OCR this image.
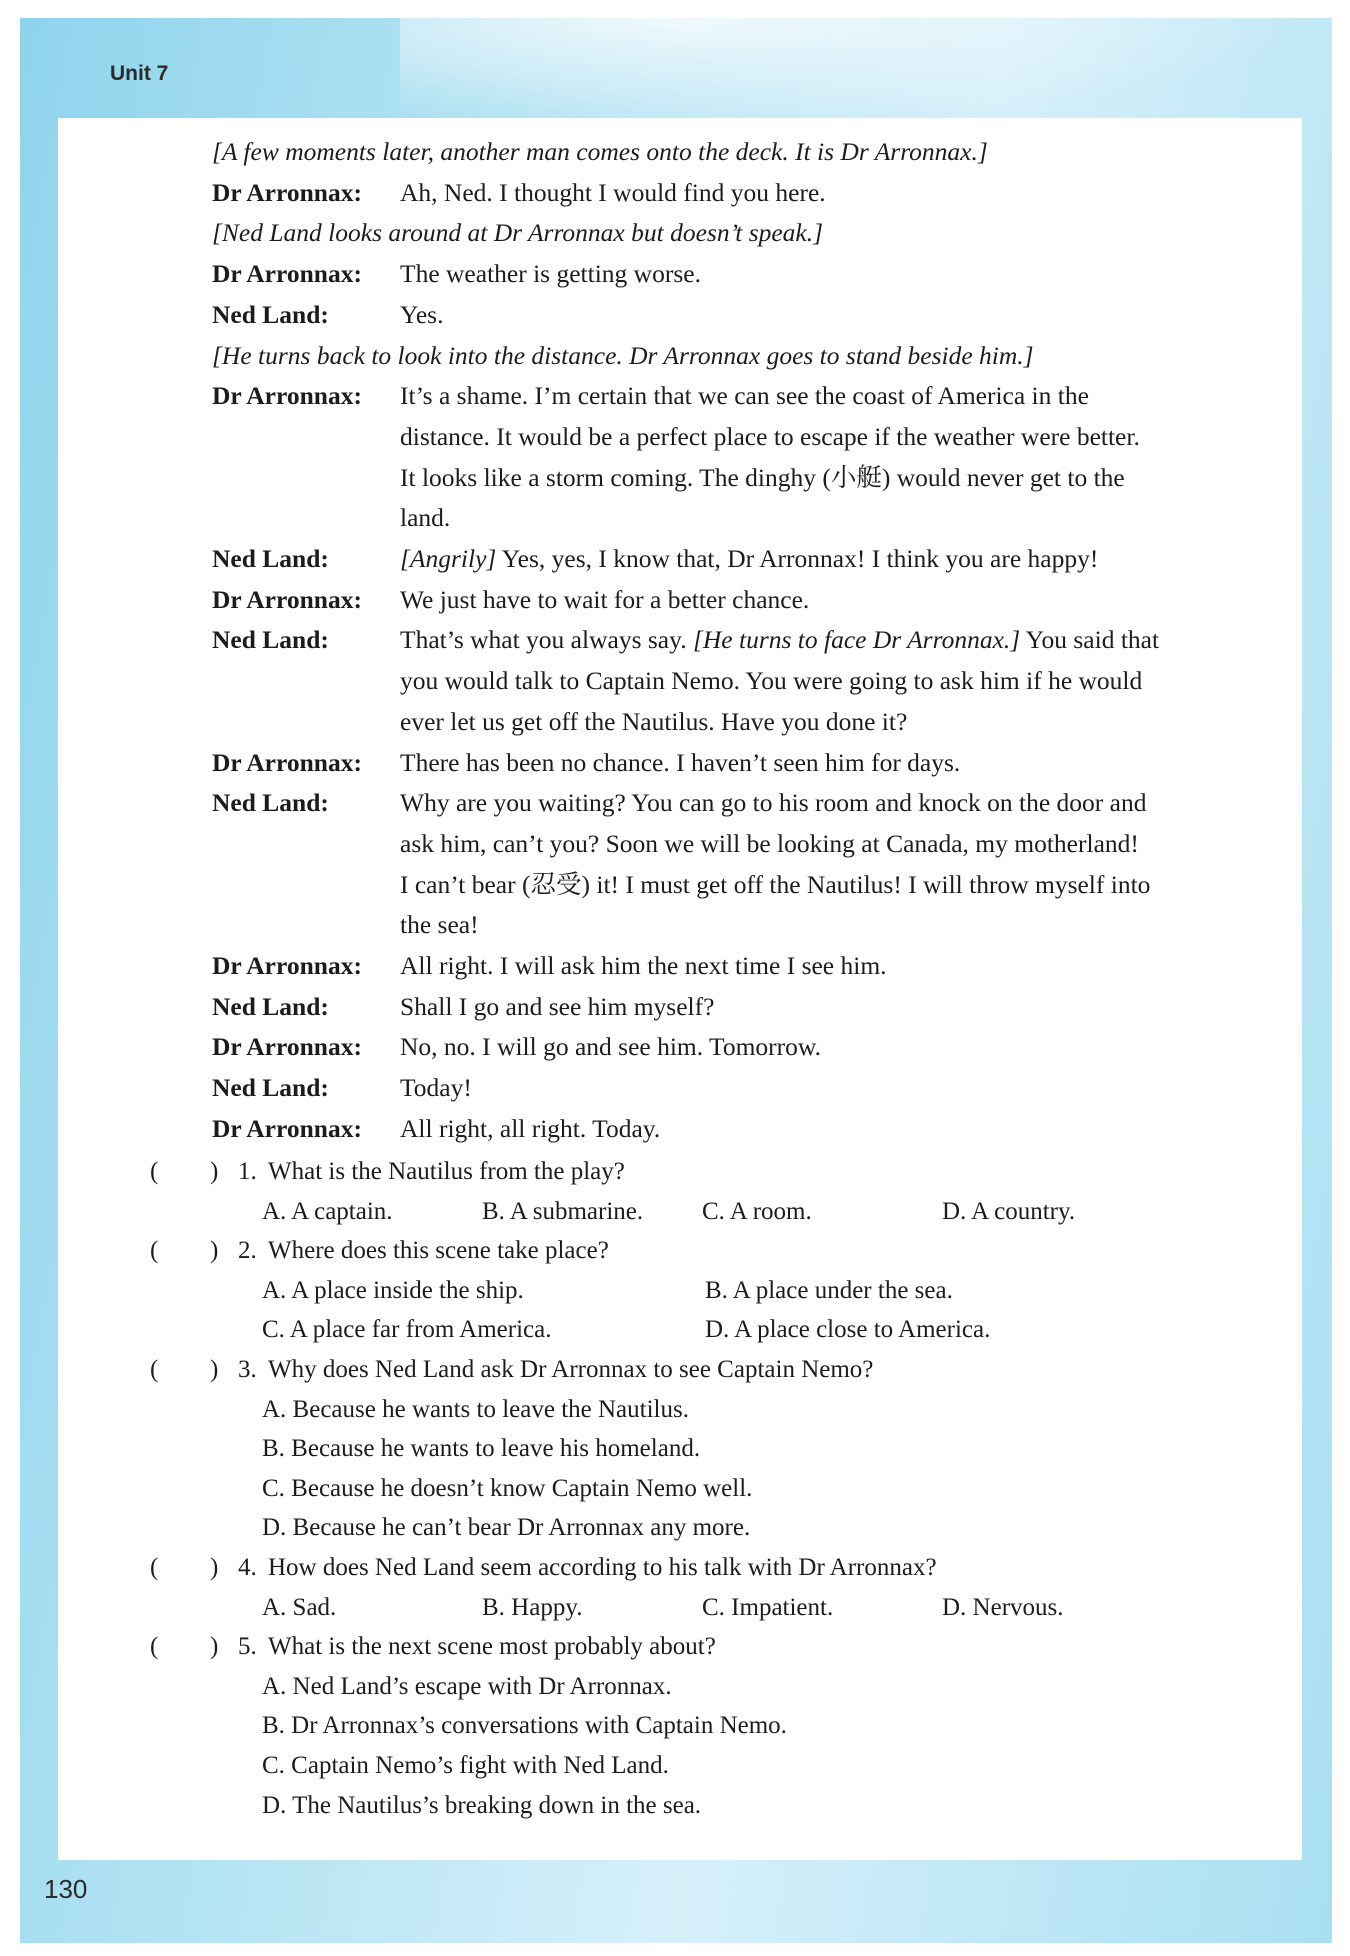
Unit 7
130
[A few moments later, another man comes onto the deck. It is Dr Arronnax.]
Dr Arronnax:	Ah, Ned. I thought I would find you here.
[Ned Land looks around at Dr Arronnax but doesn’t speak.]
Dr Arronnax:	The weather is getting worse.
Ned Land:	Yes.
[He turns back to look into the distance. Dr Arronnax goes to stand beside him.]
Dr Arronnax:	It’s a shame. I’m certain that we can see the coast of America in the
distance. It would be a perfect place to escape if the weather were better.
It looks like a storm coming. The dinghy (小艇) would never get to the
land.
Ned Land:	[Angrily] Yes, yes, I know that, Dr Arronnax! I think you are happy!
Dr Arronnax:	We just have to wait for a better chance.
Ned Land:	That’s what you always say. [He turns to face Dr Arronnax.] You said that
you would talk to Captain Nemo. You were going to ask him if he would
ever let us get off the Nautilus. Have you done it?
Dr Arronnax:	There has been no chance. I haven’t seen him for days.
Ned Land:	Why are you waiting? You can go to his room and knock on the door and
ask him, can’t you? Soon we will be looking at Canada, my motherland!
I can’t bear (忍受) it! I must get off the Nautilus! I will throw myself into
the sea!
Dr Arronnax:	All right. I will ask him the next time I see him.
Ned Land:	Shall I go and see him myself?
Dr Arronnax:	No, no. I will go and see him. Tomorrow.
Ned Land:	Today!
Dr Arronnax:	All right, all right. Today.
(	) 1. What is the Nautilus from the play?
A. A captain.	B. A submarine.	C. A room.	D. A country.
(	) 2. Where does this scene take place?
A. A place inside the ship.	B. A place under the sea.
C. A place far from America.	D. A place close to America.
(	) 3. Why does Ned Land ask Dr Arronnax to see Captain Nemo?
A. Because he wants to leave the Nautilus.
B. Because he wants to leave his homeland.
C. Because he doesn’t know Captain Nemo well.
D. Because he can’t bear Dr Arronnax any more.
(	) 4. How does Ned Land seem according to his talk with Dr Arronnax?
A. Sad.	B. Happy.	C. Impatient.	D. Nervous.
(	) 5. What is the next scene most probably about?
A. Ned Land’s escape with Dr Arronnax.
B. Dr Arronnax’s conversations with Captain Nemo.
C. Captain Nemo’s fight with Ned Land.
D. The Nautilus’s breaking down in the sea.
